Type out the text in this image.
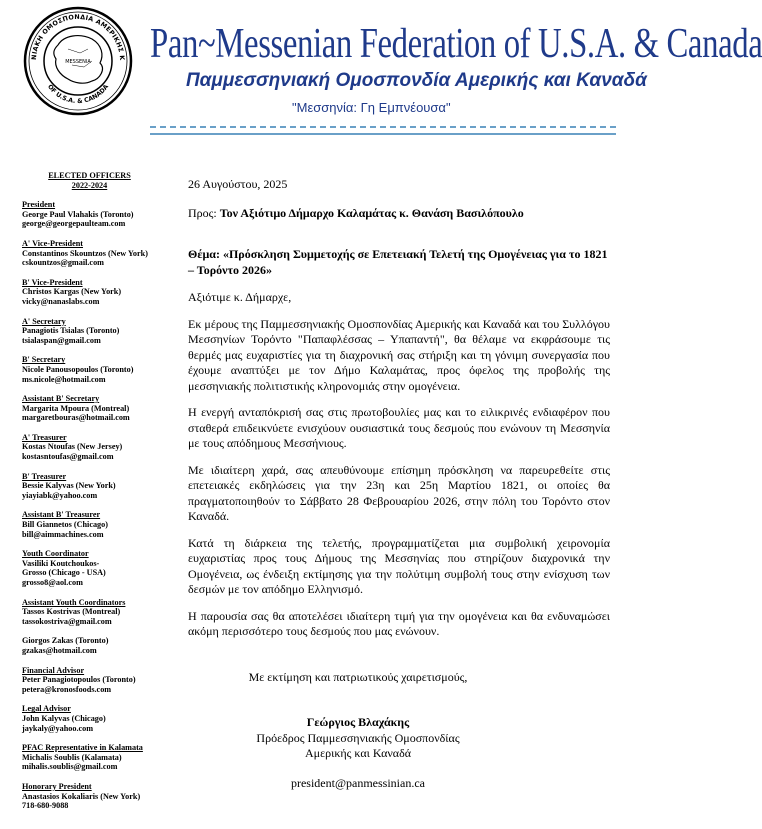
ΝΙΑΚΗ ΟΜΟΣΠΟΝΔΙΑ ΑΜΕΡΙΚΗΣ Κ
OF U.S.A. & CANADA
MESSENIA Pan~Messenian Federation of U.S.A. & Canada
Παμμεσσηνιακή Ομοσπονδία Αμερικής και Καναδά
"Μεσσηνία: Γη Εμπνέουσα"
ELECTED OFFICERS
2022-2024
President
George Paul Vlahakis (Toronto)
george@georgepaulteam.com
A' Vice-President
Constantinos Skountzos (New York)
cskountzos@gmail.com
B' Vice-President
Christos Kargas (New York)
vicky@nanaslabs.com
A' Secretary
Panagiotis Tsialas (Toronto)
tsialaspan@gmail.com
B' Secretary
Nicole Panousopoulos (Toronto)
ms.nicole@hotmail.com
Assistant B' Secretary
Margarita Mpoura (Montreal)
margaretbouras@hotmail.com
A' Treasurer
Kostas Ntoufas (New Jersey)
kostasntoufas@gmail.com
B' Treasurer
Bessie Kalyvas (New York)
yiayiabk@yahoo.com
Assistant B' Treasurer
Bill Giannetos (Chicago)
bill@aimmachines.com
Youth Coordinator
Vasiliki Koutchoukos-
Grosso (Chicago - USA)
grosso8@aol.com
Assistant Youth Coordinators
Tassos Kostrivas (Montreal)
tassokostriva@gmail.com
Giorgos Zakas (Toronto)
gzakas@hotmail.com
Financial Advisor
Peter Panagiotopoulos (Toronto)
petera@kronosfoods.com
Legal Advisor
John Kalyvas (Chicago)
jaykaly@yahoo.com
PFAC Representative in Kalamata
Michalis Soublis (Kalamata)
mihalis.soublis@gmail.com
Honorary President
Anastasios Kokaliaris (New York)
718-680-9088
26 Αυγούστου, 2025
Προς: Τον Αξιότιμο Δήμαρχο Καλαμάτας κ. Θανάση Βασιλόπουλο
Θέμα: «Πρόσκληση Συμμετοχής σε Επετειακή Τελετή της Ομογένειας για το 1821 – Τορόντο 2026»
Αξιότιμε κ. Δήμαρχε,
Εκ μέρους της Παμμεσσηνιακής Ομοσπονδίας Αμερικής και Καναδά και του Συλλόγου Μεσσηνίων Τορόντο "Παπαφλέσσας – Υπαπαντή", θα θέλαμε να εκφράσουμε τις θερμές μας ευχαριστίες για τη διαχρονική σας στήριξη και τη γόνιμη συνεργασία που έχουμε αναπτύξει με τον Δήμο Καλαμάτας, προς όφελος της προβολής της μεσσηνιακής πολιτιστικής κληρονομιάς στην ομογένεια.
Η ενεργή ανταπόκρισή σας στις πρωτοβουλίες μας και το ειλικρινές ενδιαφέρον που σταθερά επιδεικνύετε ενισχύουν ουσιαστικά τους δεσμούς που ενώνουν τη Μεσσηνία με τους απόδημους Μεσσήνιους.
Με ιδιαίτερη χαρά, σας απευθύνουμε επίσημη πρόσκληση να παρευρεθείτε στις επετειακές εκδηλώσεις για την 23η και 25η Μαρτίου 1821, οι οποίες θα πραγματοποιηθούν το Σάββατο 28 Φεβρουαρίου 2026, στην πόλη του Τορόντο στον Καναδά.
Κατά τη διάρκεια της τελετής, προγραμματίζεται μια συμβολική χειρονομία ευχαριστίας προς τους Δήμους της Μεσσηνίας που στηρίζουν διαχρονικά την Ομογένεια, ως ένδειξη εκτίμησης για την πολύτιμη συμβολή τους στην ενίσχυση των δεσμών με τον απόδημο Ελληνισμό.
Η παρουσία σας θα αποτελέσει ιδιαίτερη τιμή για την ομογένεια και θα ενδυναμώσει ακόμη περισσότερο τους δεσμούς που μας ενώνουν.
Με εκτίμηση και πατριωτικούς χαιρετισμούς,
Γεώργιος Βλαχάκης
Πρόεδρος Παμμεσσηνιακής Ομοσπονδίας
Αμερικής και Καναδά
president@panmessinian.ca
